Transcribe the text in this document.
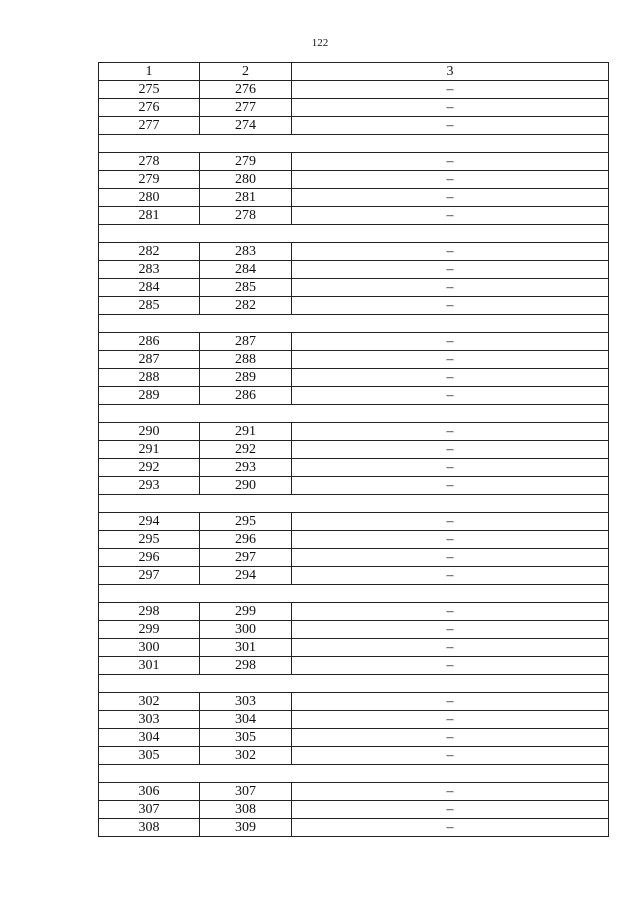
122
1	2	3
275	276	–
276	277	–
277	274	–

278	279	–
279	280	–
280	281	–
281	278	–

282	283	–
283	284	–
284	285	–
285	282	–

286	287	–
287	288	–
288	289	–
289	286	–

290	291	–
291	292	–
292	293	–
293	290	–

294	295	–
295	296	–
296	297	–
297	294	–

298	299	–
299	300	–
300	301	–
301	298	–

302	303	–
303	304	–
304	305	–
305	302	–

306	307	–
307	308	–
308	309	–
